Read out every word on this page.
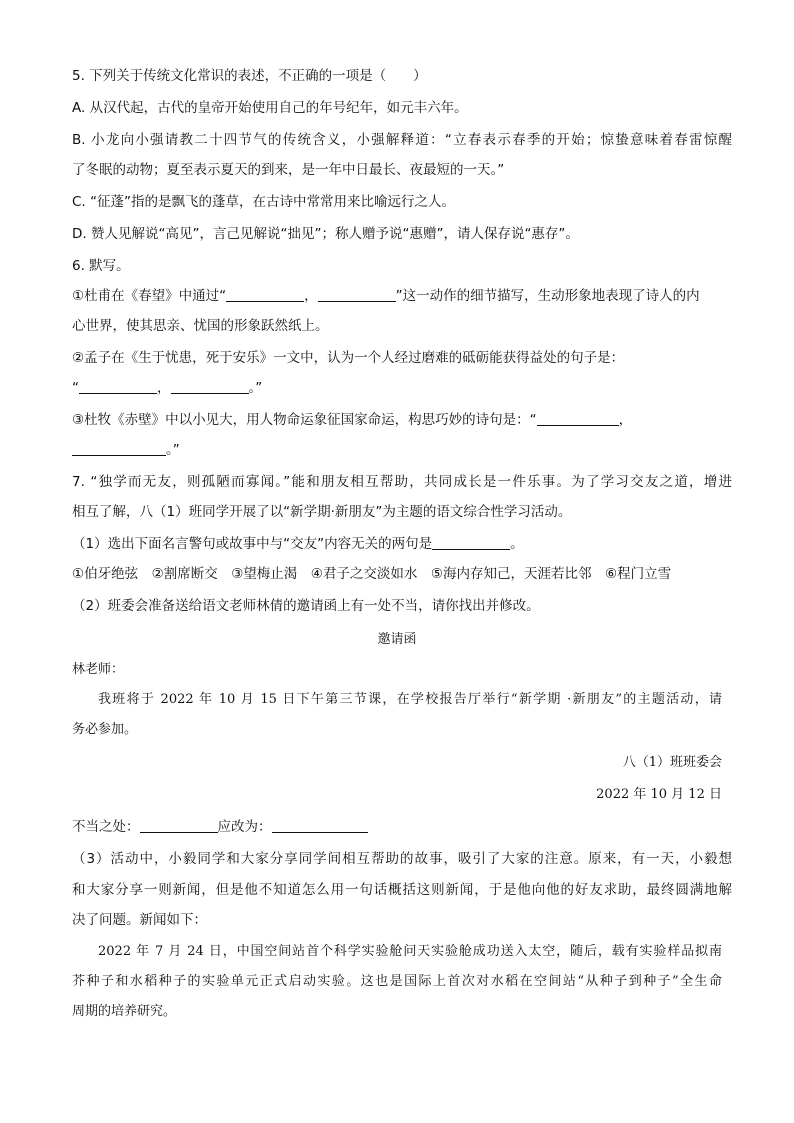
5. 下列关于传统文化常识的表述，不正确的一项是（　　）
A. 从汉代起，古代的皇帝开始使用自己的年号纪年，如元丰六年。
B. 小龙向小强请教二十四节气的传统含义，小强解释道：“立春表示春季的开始；惊蛰意味着春雷惊醒
了冬眠的动物；夏至表示夏天的到来，是一年中日最长、夜最短的一天。”
C. “征蓬”指的是飘飞的蓬草，在古诗中常常用来比喻远行之人。
D. 赞人见解说“高见”，言己见解说“拙见”；称人赠予说“惠赠”，请人保存说“惠存”。
6. 默写。
①杜甫在《春望》中通过“	，	”这一动作的细节描写，生动形象地表现了诗人的内
心世界，使其思亲、忧国的形象跃然纸上。
②孟子在《生于忧患，死于安乐》一文中，认为一个人经过磨难的砥砺能获得益处的句子是：
“	，	。”
③杜牧《赤壁》中以小见大，用人物命运象征国家命运，构思巧妙的诗句是：“	，
。”
7. “独学而无友，则孤陋而寡闻。”能和朋友相互帮助，共同成长是一件乐事。为了学习交友之道，增进
相互了解，八（1）班同学开展了以“新学期·新朋友”为主题的语文综合性学习活动。
（1）选出下面名言警句或故事中与“交友”内容无关的两句是	。
①伯牙绝弦　②割席断交　③望梅止渴　④君子之交淡如水　⑤海内存知己，天涯若比邻　⑥程门立雪
（2）班委会准备送给语文老师林倩的邀请函上有一处不当，请你找出并修改。
邀请函
林老师：
我班将于 2022 年 10 月 15 日下午第三节课，在学校报告厅举行“新学期 ·新朋友”的主题活动，请
务必参加。
八（1）班班委会
2022 年 10 月 12 日
不当之处：	应改为：
（3）活动中，小毅同学和大家分享同学间相互帮助的故事，吸引了大家的注意。原来，有一天，小毅想
和大家分享一则新闻，但是他不知道怎么用一句话概括这则新闻，于是他向他的好友求助，最终圆满地解
决了问题。新闻如下：
2022 年 7 月 24 日，中国空间站首个科学实验舱问天实验舱成功送入太空，随后，载有实验样品拟南
芥种子和水稻种子的实验单元正式启动实验。这也是国际上首次对水稻在空间站“从种子到种子”全生命
周期的培养研究。
